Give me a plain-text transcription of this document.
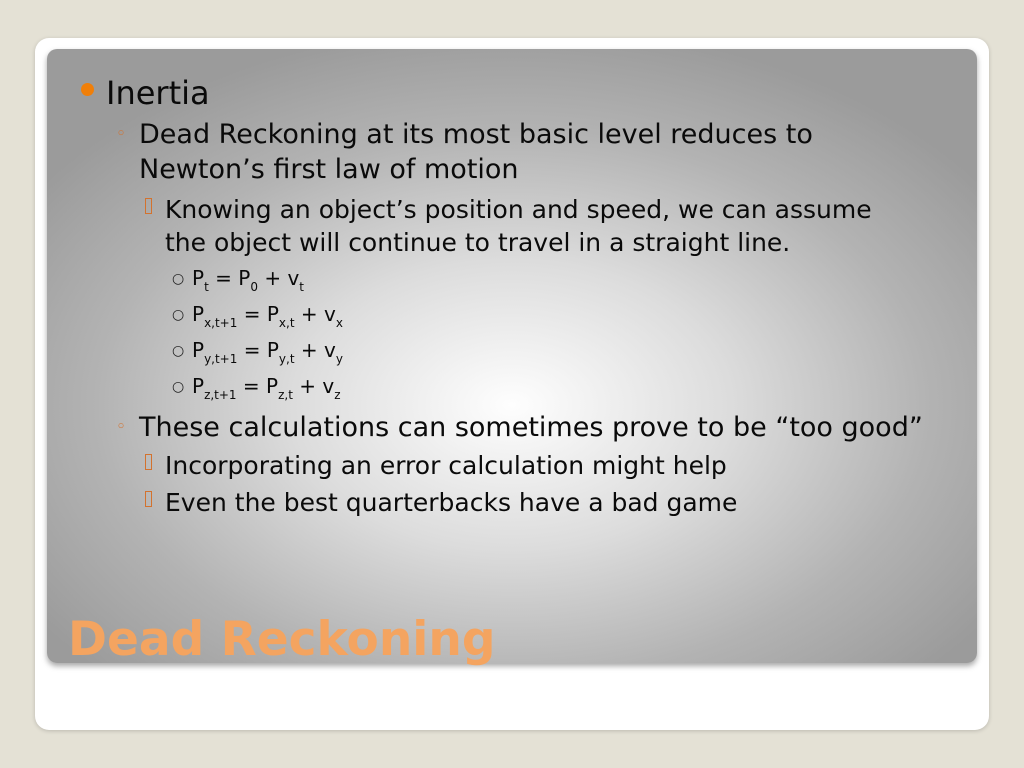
Inertia
◦ Dead Reckoning at its most basic level reduces to
Newton’s first law of motion
Knowing an object’s position and speed, we can assume
the object will continue to travel in a straight line.
○ $P_t = P_0 + v_t$
○ $P_{x,t+1} = P_{x,t} + v_x$
○ $P_{y,t+1} = P_{y,t} + v_y$
○ $P_{z,t+1} = P_{z,t} + v_z$
◦ These calculations can sometimes prove to be “too good”
Incorporating an error calculation might help
Even the best quarterbacks have a bad game
Dead Reckoning
